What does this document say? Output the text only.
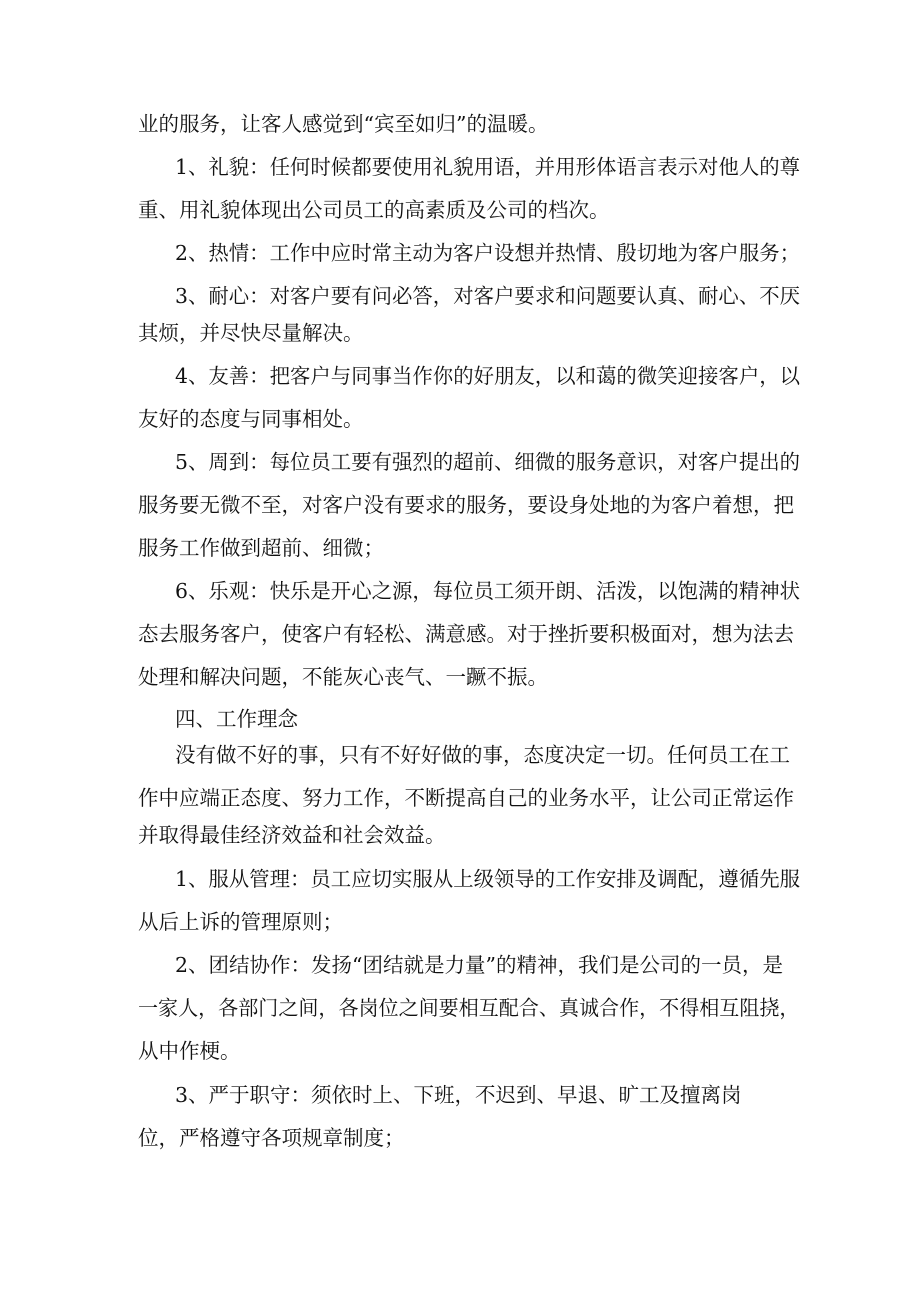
业的服务，让客人感觉到“宾至如归”的温暖。
1、礼貌：任何时候都要使用礼貌用语，并用形体语言表示对他人的尊
重、用礼貌体现出公司员工的高素质及公司的档次。
2、热情：工作中应时常主动为客户设想并热情、殷切地为客户服务；
3、耐心：对客户要有问必答，对客户要求和问题要认真、耐心、不厌
其烦，并尽快尽量解决。
4、友善：把客户与同事当作你的好朋友，以和蔼的微笑迎接客户，以
友好的态度与同事相处。
5、周到：每位员工要有强烈的超前、细微的服务意识，对客户提出的
服务要无微不至，对客户没有要求的服务，要设身处地的为客户着想，把
服务工作做到超前、细微；
6、乐观：快乐是开心之源，每位员工须开朗、活泼，以饱满的精神状
态去服务客户，使客户有轻松、满意感。对于挫折要积极面对，想为法去
处理和解决问题，不能灰心丧气、一蹶不振。
四、工作理念
没有做不好的事，只有不好好做的事，态度决定一切。任何员工在工
作中应端正态度、努力工作，不断提高自己的业务水平，让公司正常运作
并取得最佳经济效益和社会效益。
1、服从管理：员工应切实服从上级领导的工作安排及调配，遵循先服
从后上诉的管理原则；
2、团结协作：发扬“团结就是力量”的精神，我们是公司的一员，是
一家人，各部门之间，各岗位之间要相互配合、真诚合作，不得相互阻挠，
从中作梗。
3、严于职守：须依时上、下班，不迟到、早退、旷工及擅离岗
位，严格遵守各项规章制度；
